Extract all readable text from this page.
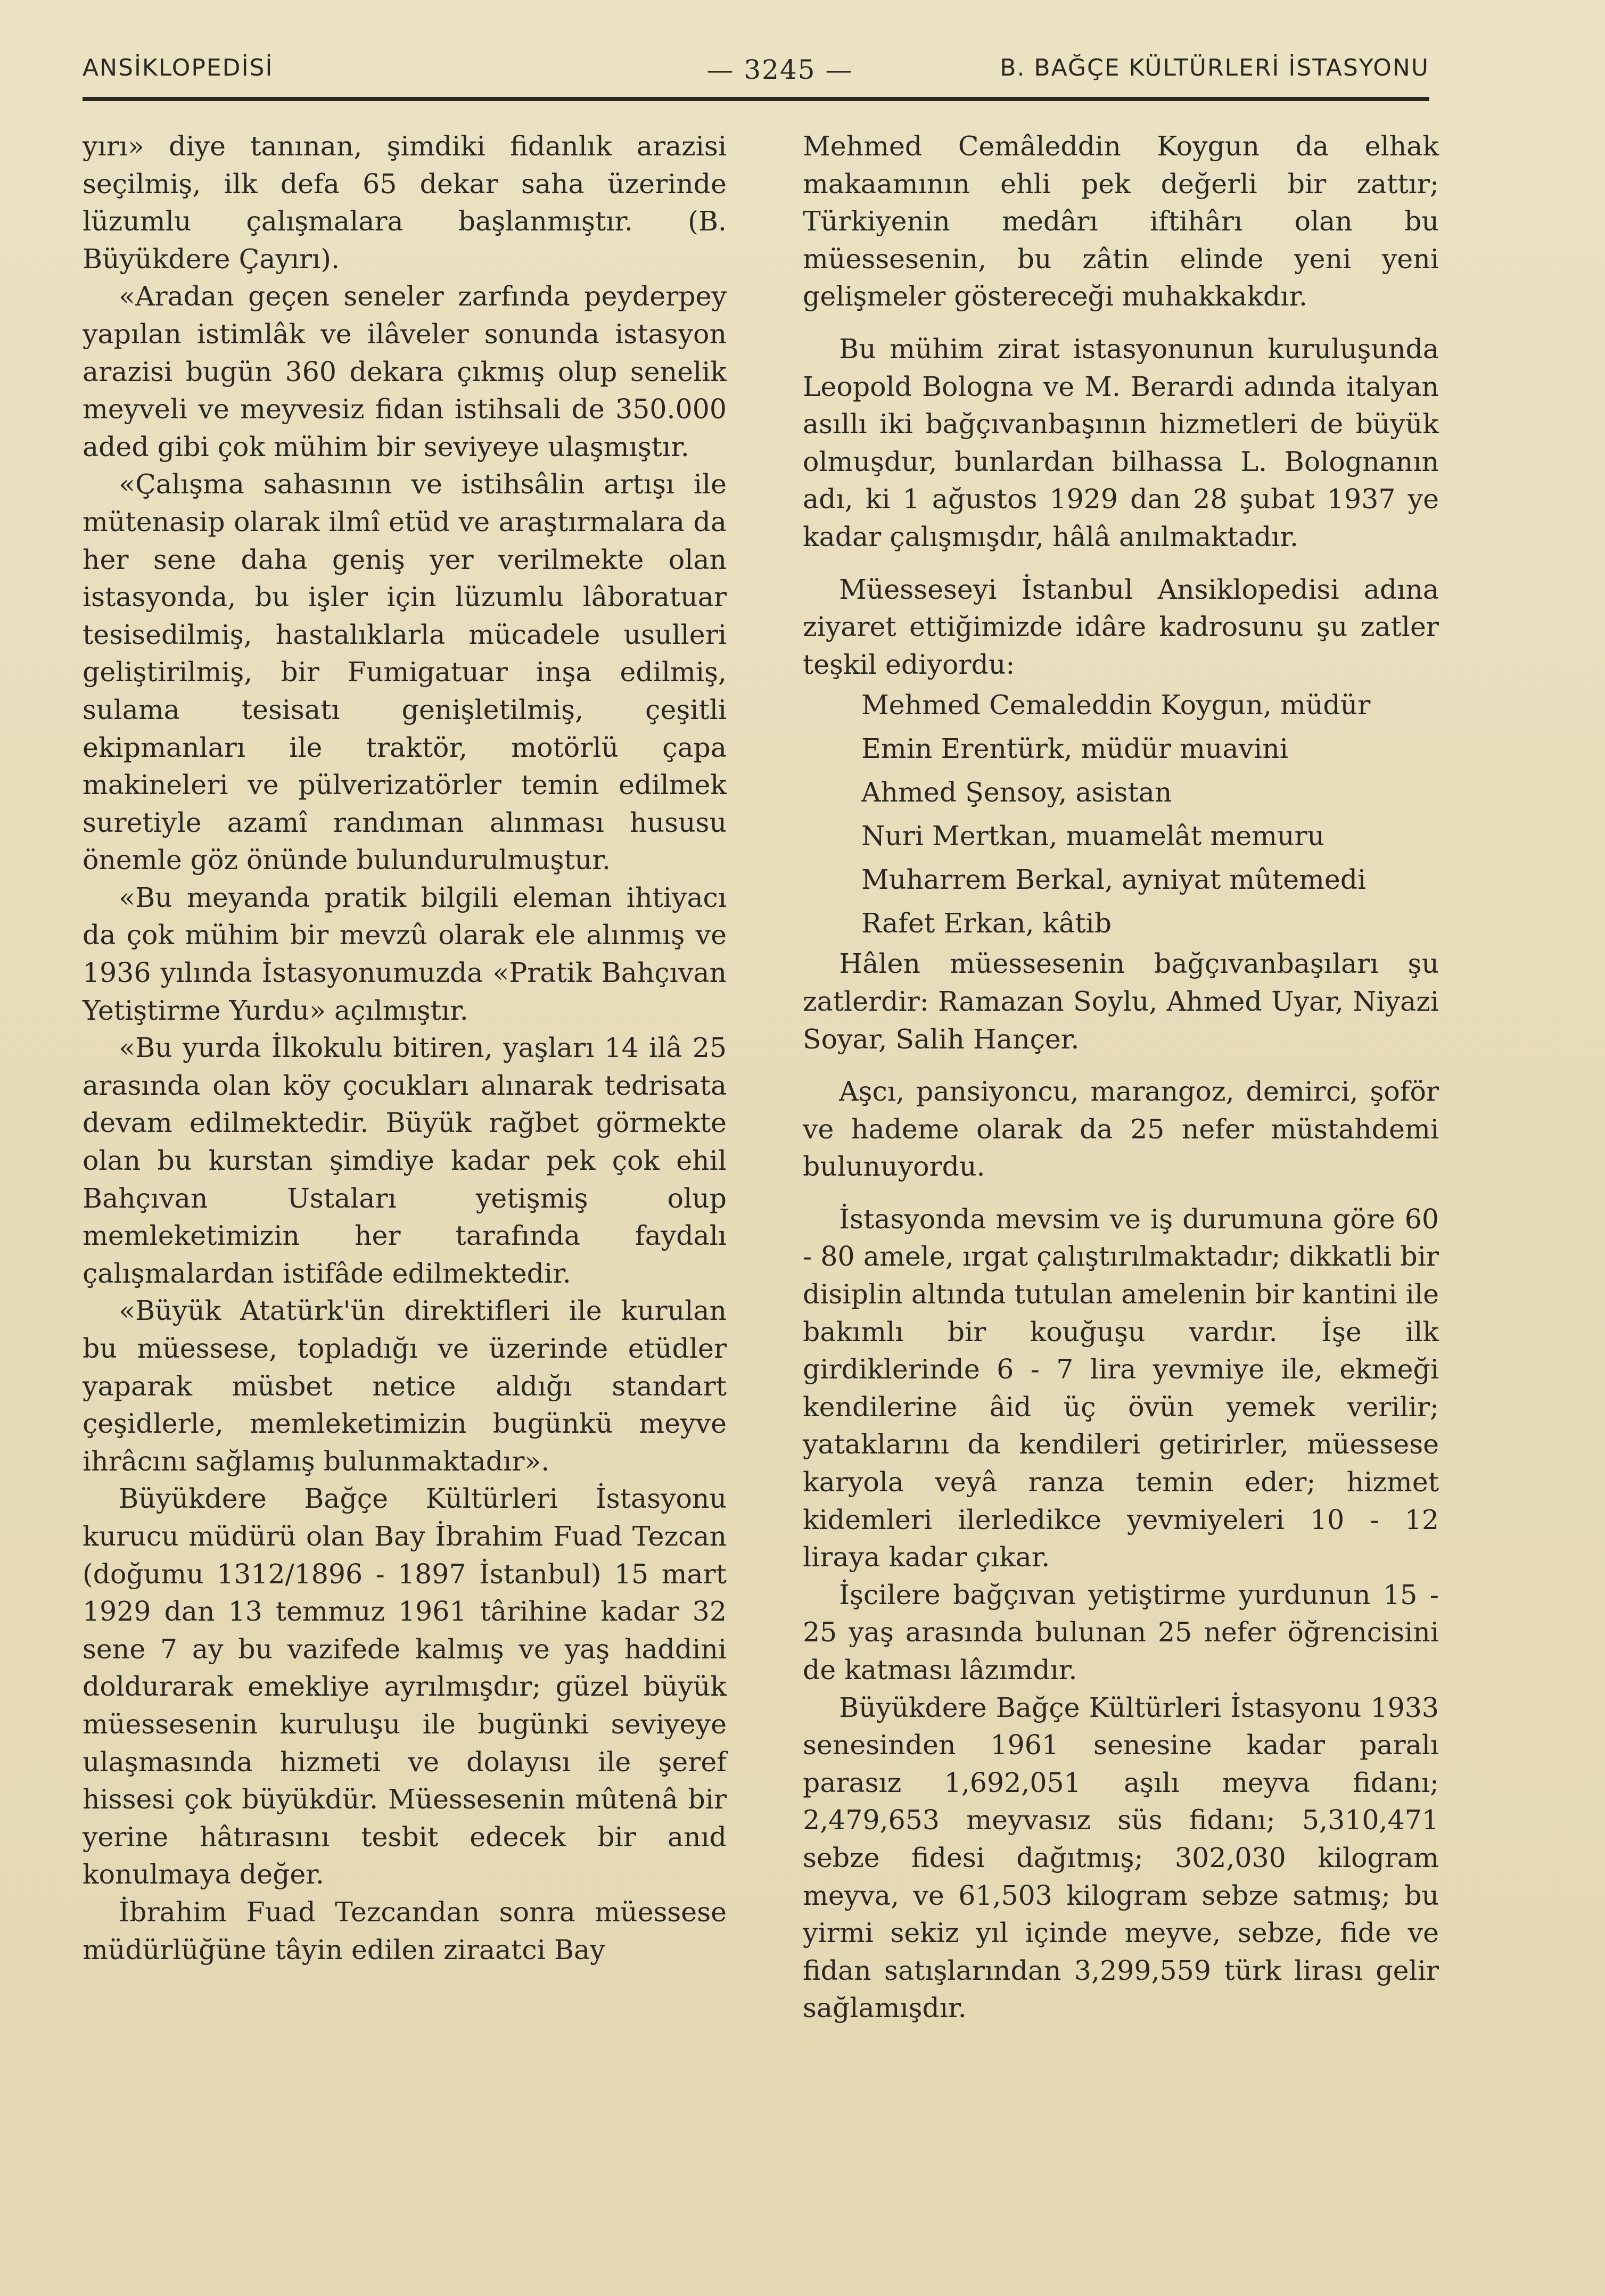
ANSİKLOPEDİSİ	— 3245 —	B. BAĞÇE KÜLTÜRLERİ İSTASYONU

yırı» diye tanınan, şimdiki fidanlık arazisi seçilmiş, ilk defa 65 dekar saha üzerinde lüzumlu çalışmalara başlanmıştır. (B. Büyükdere Çayırı).

«Aradan geçen seneler zarfında peyderpey yapılan istimlâk ve ilâveler sonunda istasyon arazisi bugün 360 dekara çıkmış olup senelik meyveli ve meyvesiz fidan istihsali de 350.000 aded gibi çok mühim bir seviyeye ulaşmıştır.

«Çalışma sahasının ve istihsâlin artışı ile mütenasip olarak ilmî etüd ve araştırmalara da her sene daha geniş yer verilmekte olan istasyonda, bu işler için lüzumlu lâboratuar tesisedilmiş, hastalıklarla mücadele usulleri geliştirilmiş, bir Fumigatuar inşa edilmiş, sulama tesisatı genişletilmiş, çeşitli ekipmanları ile traktör, motörlü çapa makineleri ve pülverizatörler temin edilmek suretiyle azamî randıman alınması hususu önemle göz önünde bulundurulmuştur.

«Bu meyanda pratik bilgili eleman ihtiyacı da çok mühim bir mevzû olarak ele alınmış ve 1936 yılında İstasyonumuzda «Pratik Bahçıvan Yetiştirme Yurdu» açılmıştır.

«Bu yurda İlkokulu bitiren, yaşları 14 ilâ 25 arasında olan köy çocukları alınarak tedrisata devam edilmektedir. Büyük rağbet görmekte olan bu kurstan şimdiye kadar pek çok ehil Bahçıvan Ustaları yetişmiş olup memleketimizin her tarafında faydalı çalışmalardan istifâde edilmektedir.

«Büyük Atatürk'ün direktifleri ile kurulan bu müessese, topladığı ve üzerinde etüdler yaparak müsbet netice aldığı standart çeşidlerle, memleketimizin bugünkü meyve ihrâcını sağlamış bulunmaktadır».

Büyükdere Bağçe Kültürleri İstasyonu kurucu müdürü olan Bay İbrahim Fuad Tezcan (doğumu 1312/1896 - 1897 İstanbul) 15 mart 1929 dan 13 temmuz 1961 târihine kadar 32 sene 7 ay bu vazifede kalmış ve yaş haddini doldurarak emekliye ayrılmışdır; güzel büyük müessesenin kuruluşu ile bugünki seviyeye ulaşmasında hizmeti ve dolayısı ile şeref hissesi çok büyükdür. Müessesenin mûtenâ bir yerine hâtırasını tesbit edecek bir anıd konulmaya değer.

İbrahim Fuad Tezcandan sonra müessese müdürlüğüne tâyin edilen ziraatci Bay

Mehmed Cemâleddin Koygun da elhak makaamının ehli pek değerli bir zattır; Türkiyenin medârı iftihârı olan bu müessesenin, bu zâtin elinde yeni yeni gelişmeler göstereceği muhakkakdır.

Bu mühim zirat istasyonunun kuruluşunda Leopold Bologna ve M. Berardi adında italyan asıllı iki bağçıvanbaşının hizmetleri de büyük olmuşdur, bunlardan bilhassa L. Bolognanın adı, ki 1 ağustos 1929 dan 28 şubat 1937 ye kadar çalışmışdır, hâlâ anılmaktadır.

Müesseseyi İstanbul Ansiklopedisi adına ziyaret ettiğimizde idâre kadrosunu şu zatler teşkil ediyordu:

Mehmed Cemaleddin Koygun, müdür

Emin Erentürk, müdür muavini

Ahmed Şensoy, asistan

Nuri Mertkan, muamelât memuru

Muharrem Berkal, ayniyat mûtemedi

Rafet Erkan, kâtib

Hâlen müessesenin bağçıvanbaşıları şu zatlerdir: Ramazan Soylu, Ahmed Uyar, Niyazi Soyar, Salih Hançer.

Aşcı, pansiyoncu, marangoz, demirci, şoför ve hademe olarak da 25 nefer müstahdemi bulunuyordu.

İstasyonda mevsim ve iş durumuna göre 60 - 80 amele, ırgat çalıştırılmaktadır; dikkatli bir disiplin altında tutulan amelenin bir kantini ile bakımlı bir kouğuşu vardır. İşe ilk girdiklerinde 6 - 7 lira yevmiye ile, ekmeği kendilerine âid üç övün yemek verilir; yataklarını da kendileri getirirler, müessese karyola veyâ ranza temin eder; hizmet kidemleri ilerledikce yevmiyeleri 10 - 12 liraya kadar çıkar.

İşcilere bağçıvan yetiştirme yurdunun 15 - 25 yaş arasında bulunan 25 nefer öğrencisini de katması lâzımdır.

Büyükdere Bağçe Kültürleri İstasyonu 1933 senesinden 1961 senesine kadar paralı parasız 1,692,051 aşılı meyva fidanı; 2,479,653 meyvasız süs fidanı; 5,310,471 sebze fidesi dağıtmış; 302,030 kilogram meyva, ve 61,503 kilogram sebze satmış; bu yirmi sekiz yıl içinde meyve, sebze, fide ve fidan satışlarından 3,299,559 türk lirası gelir sağlamışdır.
